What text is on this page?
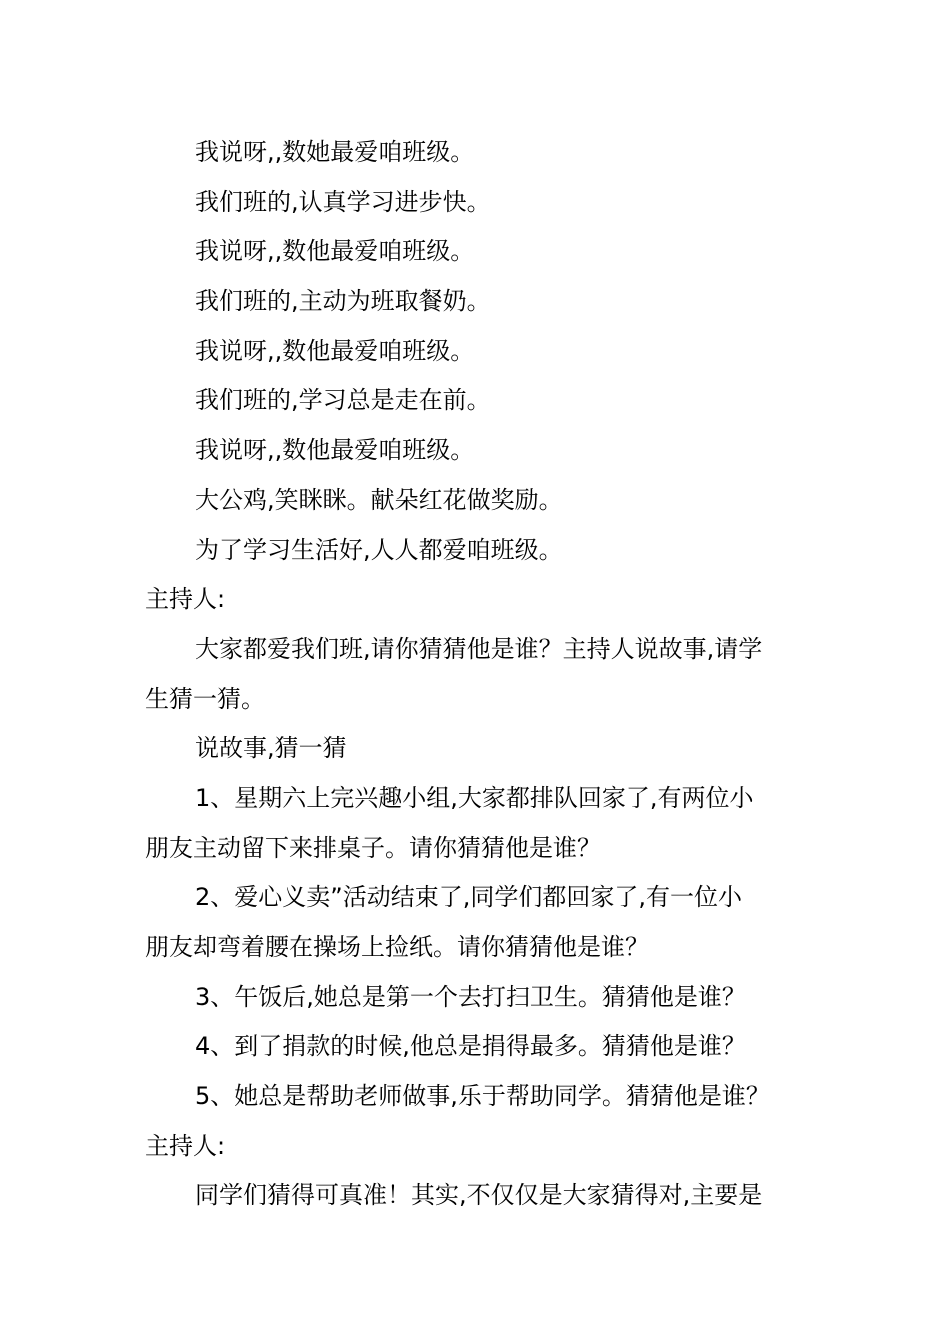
我说呀,,数她最爱咱班级。
我们班的,认真学习进步快。
我说呀,,数他最爱咱班级。
我们班的,主动为班取餐奶。
我说呀,,数他最爱咱班级。
我们班的,学习总是走在前。
我说呀,,数他最爱咱班级。
大公鸡,笑眯眯。献朵红花做奖励。
为了学习生活好,人人都爱咱班级。
主持人:
大家都爱我们班,请你猜猜他是谁？主持人说故事,请学
生猜一猜。
说故事,猜一猜
1、星期六上完兴趣小组,大家都排队回家了,有两位小
朋友主动留下来排桌子。请你猜猜他是谁？
2、爱心义卖”活动结束了,同学们都回家了,有一位小
朋友却弯着腰在操场上捡纸。请你猜猜他是谁？
3、午饭后,她总是第一个去打扫卫生。猜猜他是谁？
4、到了捐款的时候,他总是捐得最多。猜猜他是谁？
5、她总是帮助老师做事,乐于帮助同学。猜猜他是谁？
主持人:
同学们猜得可真准！其实,不仅仅是大家猜得对,主要是
